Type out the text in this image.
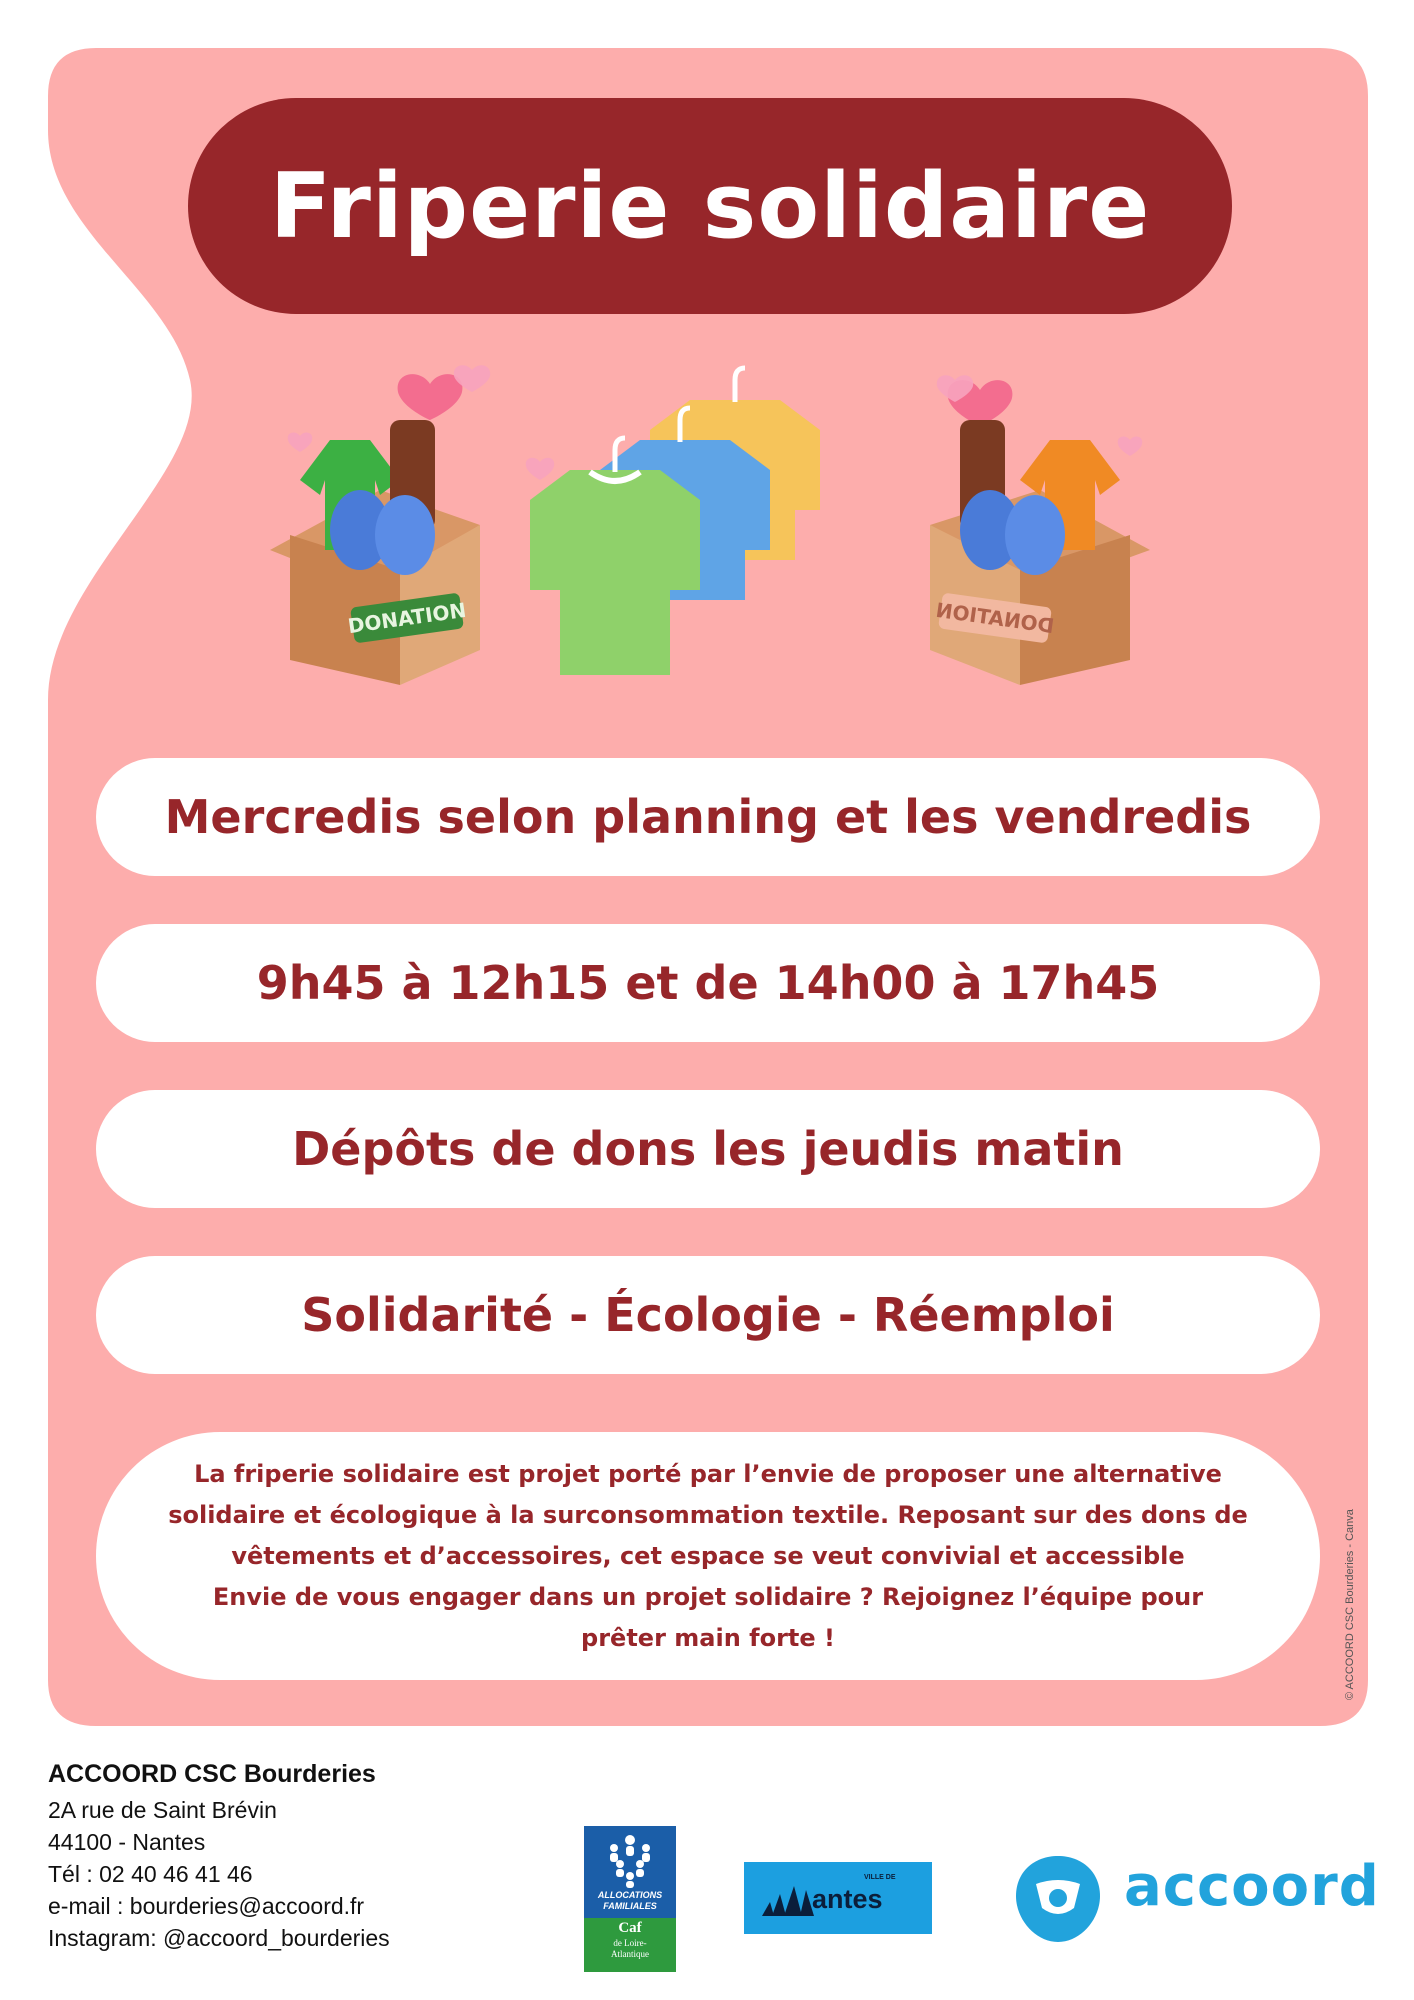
Friperie solidaire
DONATION	DONATION
Mercredis selon planning et les vendredis
9h45 à 12h15 et de 14h00 à 17h45
Dépôts de dons les jeudis matin
Solidarité - Écologie - Réemploi
La friperie solidaire est projet porté par l’envie de proposer une alternative
solidaire et écologique à la surconsommation textile. Reposant sur des dons de
vêtements et d’accessoires, cet espace se veut convivial et accessible
Envie de vous engager dans un projet solidaire ? Rejoignez l’équipe pour
prêter main forte !	© ACCOORD CSC Bourderies - Canva
ACCOORD CSC Bourderies
2A rue de Saint Brévin
44100 - Nantes
Tél : 02 40 46 41 46
e-mail : bourderies@accoord.fr
Instagram: @accoord_bourderies
ALLOCATIONS
FAMILIALES
Caf
de Loire-
Atlantique
VILLE DE
antes	accoord
